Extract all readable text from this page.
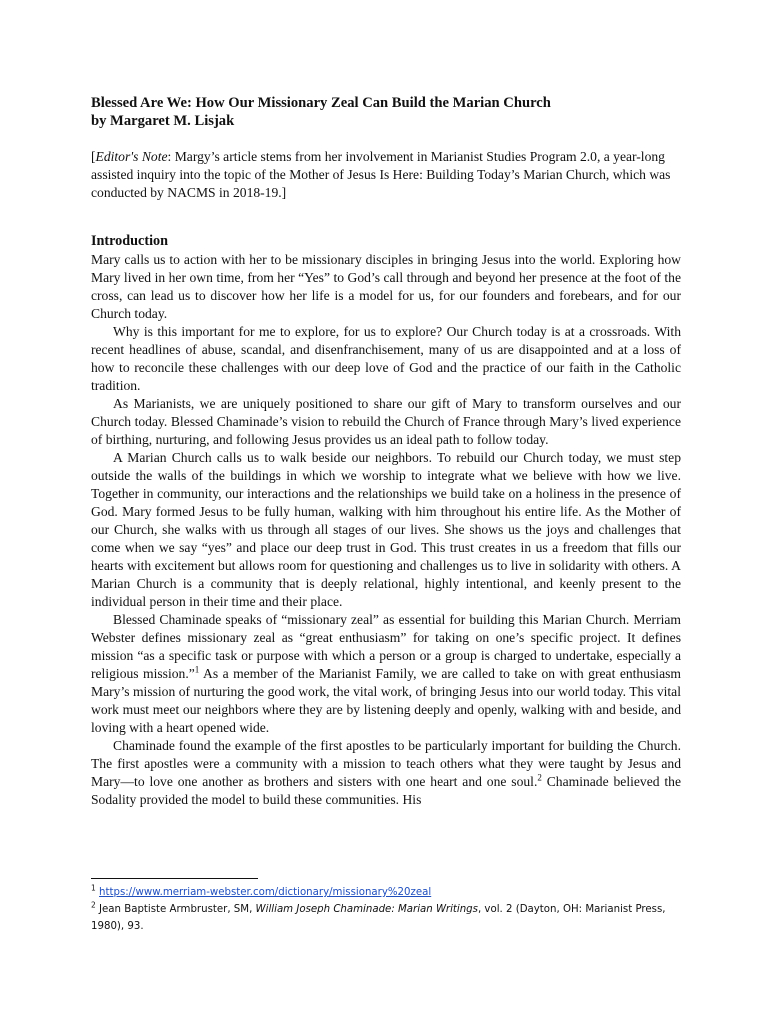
Blessed Are We: How Our Missionary Zeal Can Build the Marian Church
by Margaret M. Lisjak
[Editor's Note: Margy’s article stems from her involvement in Marianist Studies Program 2.0, a year-long assisted inquiry into the topic of the Mother of Jesus Is Here: Building Today’s Marian Church, which was conducted by NACMS in 2018-19.]
Introduction

Mary calls us to action with her to be missionary disciples in bringing Jesus into the world. Exploring how Mary lived in her own time, from her “Yes” to God’s call through and beyond her presence at the foot of the cross, can lead us to discover how her life is a model for us, for our founders and forebears, and for our Church today.

Why is this important for me to explore, for us to explore? Our Church today is at a crossroads. With recent headlines of abuse, scandal, and disenfranchisement, many of us are disappointed and at a loss of how to reconcile these challenges with our deep love of God and the practice of our faith in the Catholic tradition.

As Marianists, we are uniquely positioned to share our gift of Mary to transform ourselves and our Church today. Blessed Chaminade’s vision to rebuild the Church of France through Mary’s lived experience of birthing, nurturing, and following Jesus provides us an ideal path to follow today.

A Marian Church calls us to walk beside our neighbors. To rebuild our Church today, we must step outside the walls of the buildings in which we worship to integrate what we believe with how we live. Together in community, our interactions and the relationships we build take on a holiness in the presence of God. Mary formed Jesus to be fully human, walking with him throughout his entire life. As the Mother of our Church, she walks with us through all stages of our lives. She shows us the joys and challenges that come when we say “yes” and place our deep trust in God. This trust creates in us a freedom that fills our hearts with excitement but allows room for questioning and challenges us to live in solidarity with others. A Marian Church is a community that is deeply relational, highly intentional, and keenly present to the individual person in their time and their place.

Blessed Chaminade speaks of “missionary zeal” as essential for building this Marian Church. Merriam Webster defines missionary zeal as “great enthusiasm” for taking on one’s specific project. It defines mission “as a specific task or purpose with which a person or a group is charged to undertake, especially a religious mission.”$^1$ As a member of the Marianist Family, we are called to take on with great enthusiasm Mary’s mission of nurturing the good work, the vital work, of bringing Jesus into our world today. This vital work must meet our neighbors where they are by listening deeply and openly, walking with and beside, and loving with a heart opened wide.

Chaminade found the example of the first apostles to be particularly important for building the Church. The first apostles were a community with a mission to teach others what they were taught by Jesus and Mary—to love one another as brothers and sisters with one heart and one soul.$^2$ Chaminade believed the Sodality provided the model to build these communities. His

$^1$ https://www.merriam-webster.com/dictionary/missionary%20zeal
$^2$ Jean Baptiste Armbruster, SM, William Joseph Chaminade: Marian Writings, vol. 2 (Dayton, OH: Marianist Press, 1980), 93.
